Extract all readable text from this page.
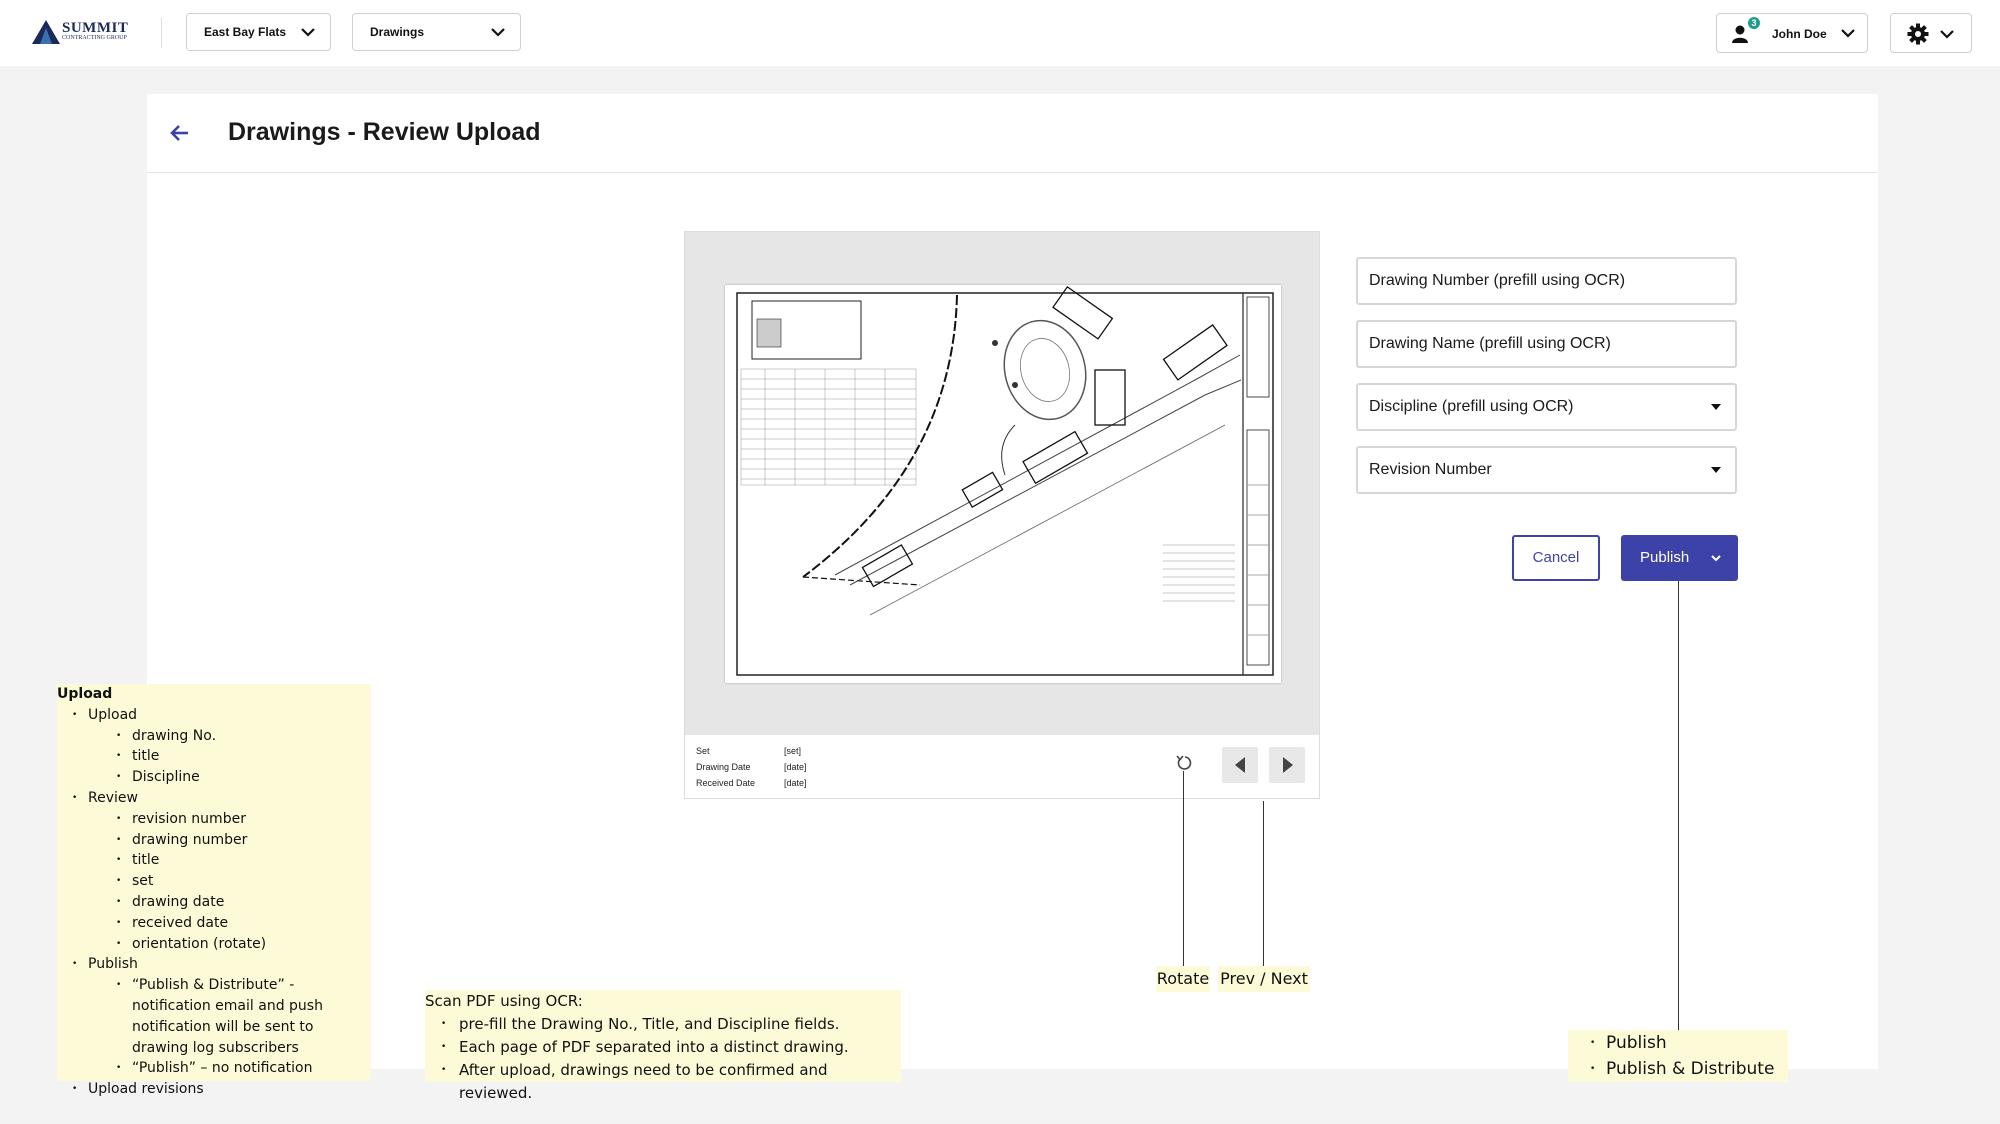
SUMMIT
CONTRACTING GROUP	East Bay Flats	Drawings
3
John Doe
Drawings - Review Upload
Set	[set]
Drawing Date	[date]
Received Date	[date]
Drawing Number (prefill using OCR)
Drawing Name (prefill using OCR)
Discipline (prefill using OCR)
Revision Number
Cancel	Publish
Upload
• Upload
• drawing No.
• title
• Discipline
• Review
• revision number
• drawing number
• title
• set
• drawing date
• received date
• orientation (rotate)
• Publish
• “Publish & Distribute” - notification email and push notification will be sent to drawing log subscribers
• “Publish” – no notification
• Upload revisions
Scan PDF using OCR:
• pre-fill the Drawing No., Title, and Discipline fields.
• Each page of PDF separated into a distinct drawing.
• After upload, drawings need to be confirmed and reviewed.
Rotate Prev / Next
• Publish
• Publish & Distribute
